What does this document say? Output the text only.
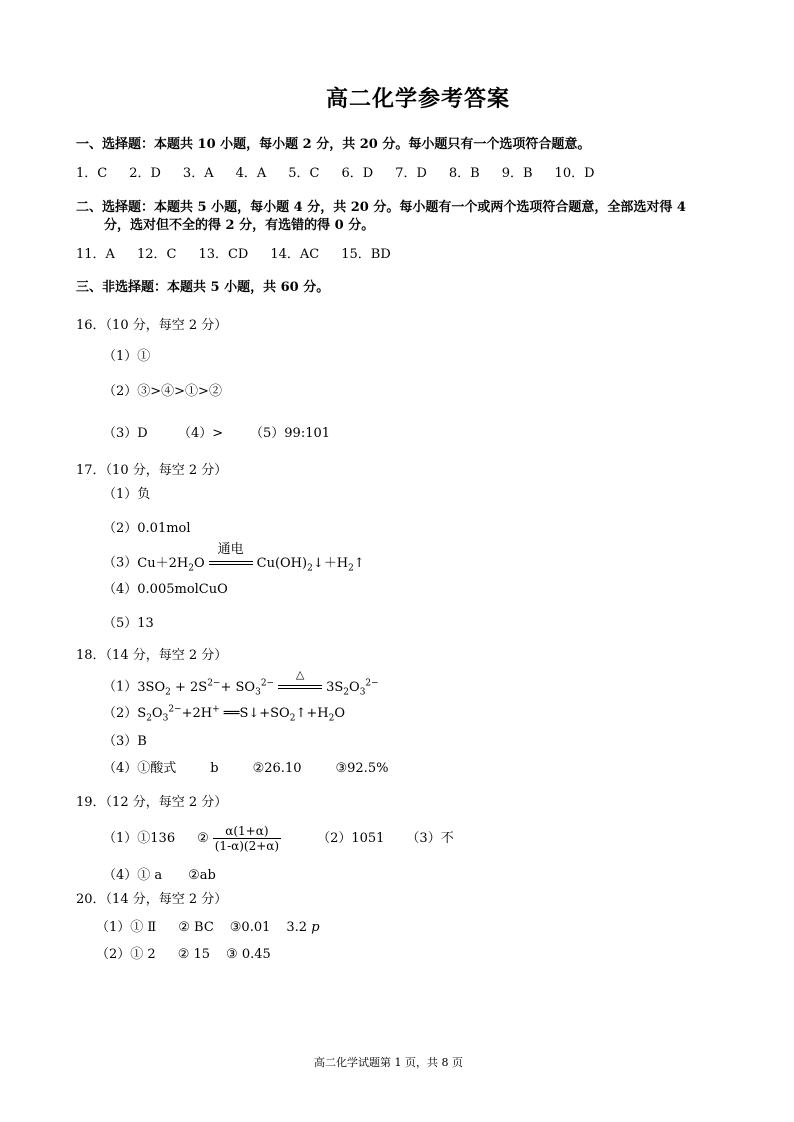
高二化学参考答案
一、选择题：本题共 10 小题，每小题 2 分，共 20 分。每小题只有一个选项符合题意。
1．C 2．D 3．A 4．A 5．C 6．D 7．D 8．B 9．B 10．D
二、选择题：本题共 5 小题，每小题 4 分，共 20 分。每小题有一个或两个选项符合题意，全部选对得 4
分，选对但不全的得 2 分，有选错的得 0 分。
11．A 12．C 13．CD 14．AC 15．BD
三、非选择题：本题共 5 小题，共 60 分。
16．（10 分，每空 2 分）
（1）①
（2）③>④>①>②
（3）D （4）> （5）99:101
17．（10 分，每空 2 分）
（1）负
（2）0.01mol
$(3)Cu+2H_2O$
通电
$Cu(OH)_2↓+H_2↑$
（4）0.005molCuO
（5）13
18．（14 分，每空 2 分）
$(1)3SO_2 + 2S^{2-}+ SO_3^{2-}$
△
$3S_2O_3^{2-}$
$(2)S_2O_3^{2-}+2H^+$ $══S↓+SO_2↑+H_2O$
（3）B
（4）①酸式	b	②26.10	③92.5%
19．（12 分，每空 2 分）
（1）①136 ② $\frac{\alpha(1+\alpha)}{(1-\alpha)(2+\alpha)}$	（2）1051 （3）不
（4）① a ②ab
20．（14 分，每空 2 分）
（1）① Ⅱ ② BC ③0.01 3.2 p
（2）① 2 ② 15 ③ 0.45
高二化学试题第 1 页，共 8 页
